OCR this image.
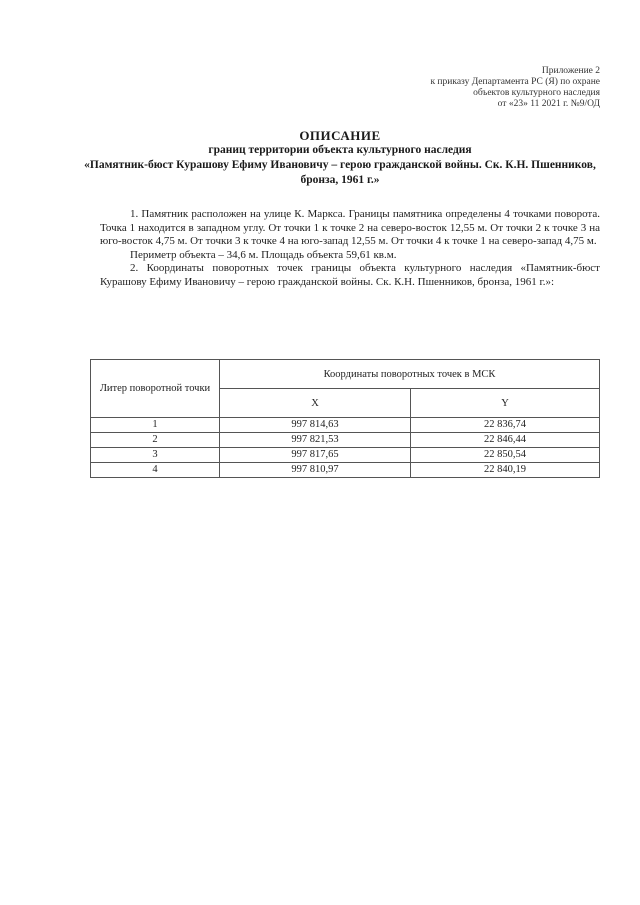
Приложение 2
к приказу Департамента РС (Я) по охране
объектов культурного наследия
от «23» 11 2021 г. №9/ОД
ОПИСАНИЕ
границ территории объекта культурного наследия
«Памятник-бюст Курашову Ефиму Ивановичу – герою гражданской войны. Ск. К.Н. Пшенников, бронза, 1961 г.»

1. Памятник расположен на улице К. Маркса. Границы памятника определены 4 точками поворота. Точка 1 находится в западном углу. От точки 1 к точке 2 на северо-восток 12,55 м. От точки 2 к точке 3 на юго-восток 4,75 м. От точки 3 к точке 4 на юго-запад 12,55 м. От точки 4 к точке 1 на северо-запад 4,75 м.

Периметр объекта – 34,6 м. Площадь объекта 59,61 кв.м.

2. Координаты поворотных точек границы объекта культурного наследия «Памятник-бюст Курашову Ефиму Ивановичу – герою гражданской войны. Ск. К.Н. Пшенников, бронза, 1961 г.»:

Литер поворотной точки	Координаты поворотных точек в МСК	
	X	Y
1	997 814,63	22 836,74
2	997 821,53	22 846,44
3	997 817,65	22 850,54
4	997 810,97	22 840,19
